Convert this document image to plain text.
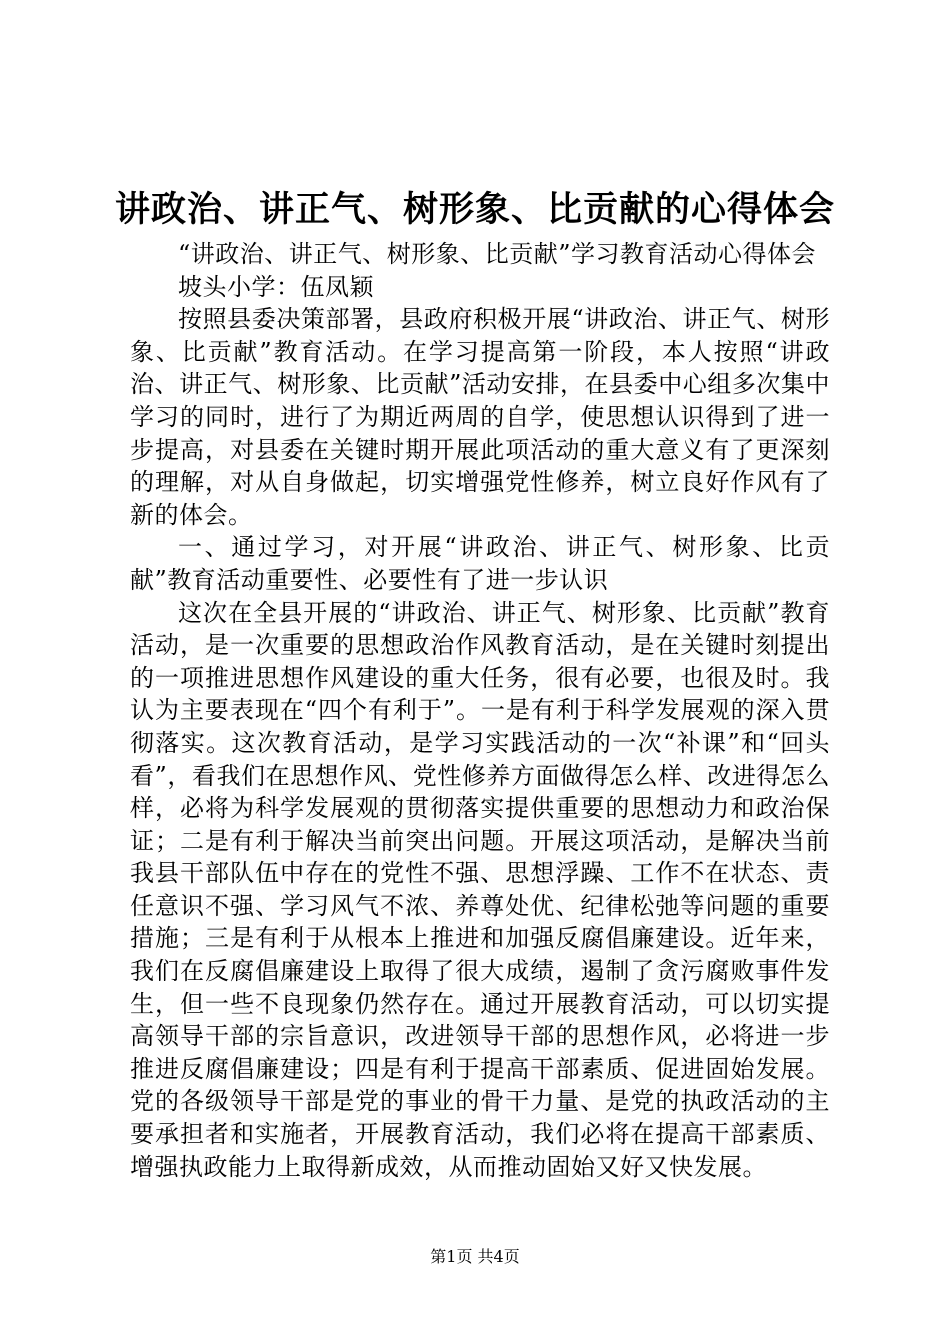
讲政治、讲正气、树形象、比贡献的心得体会

“讲政治、讲正气、树形象、比贡献”学习教育活动心得体会

坡头小学：伍凤颖

按照县委决策部署，县政府积极开展“讲政治、讲正气、树形象、比贡献”教育活动。在学习提高第一阶段，本人按照“讲政治、讲正气、树形象、比贡献”活动安排，在县委中心组多次集中学习的同时，进行了为期近两周的自学，使思想认识得到了进一步提高，对县委在关键时期开展此项活动的重大意义有了更深刻的理解，对从自身做起，切实增强党性修养，树立良好作风有了新的体会。

一、通过学习，对开展“讲政治、讲正气、树形象、比贡献”教育活动重要性、必要性有了进一步认识

这次在全县开展的“讲政治、讲正气、树形象、比贡献”教育活动，是一次重要的思想政治作风教育活动，是在关键时刻提出的一项推进思想作风建设的重大任务，很有必要，也很及时。我认为主要表现在“四个有利于”。一是有利于科学发展观的深入贯彻落实。这次教育活动，是学习实践活动的一次“补课”和“回头看”，看我们在思想作风、党性修养方面做得怎么样、改进得怎么样，必将为科学发展观的贯彻落实提供重要的思想动力和政治保证；二是有利于解决当前突出问题。开展这项活动，是解决当前我县干部队伍中存在的党性不强、思想浮躁、工作不在状态、责任意识不强、学习风气不浓、养尊处优、纪律松弛等问题的重要措施；三是有利于从根本上推进和加强反腐倡廉建设。近年来，我们在反腐倡廉建设上取得了很大成绩，遏制了贪污腐败事件发生，但一些不良现象仍然存在。通过开展教育活动，可以切实提高领导干部的宗旨意识，改进领导干部的思想作风，必将进一步推进反腐倡廉建设；四是有利于提高干部素质、促进固始发展。党的各级领导干部是党的事业的骨干力量、是党的执政活动的主要承担者和实施者，开展教育活动，我们必将在提高干部素质、增强执政能力上取得新成效，从而推动固始又好又快发展。

第1页 共4页
